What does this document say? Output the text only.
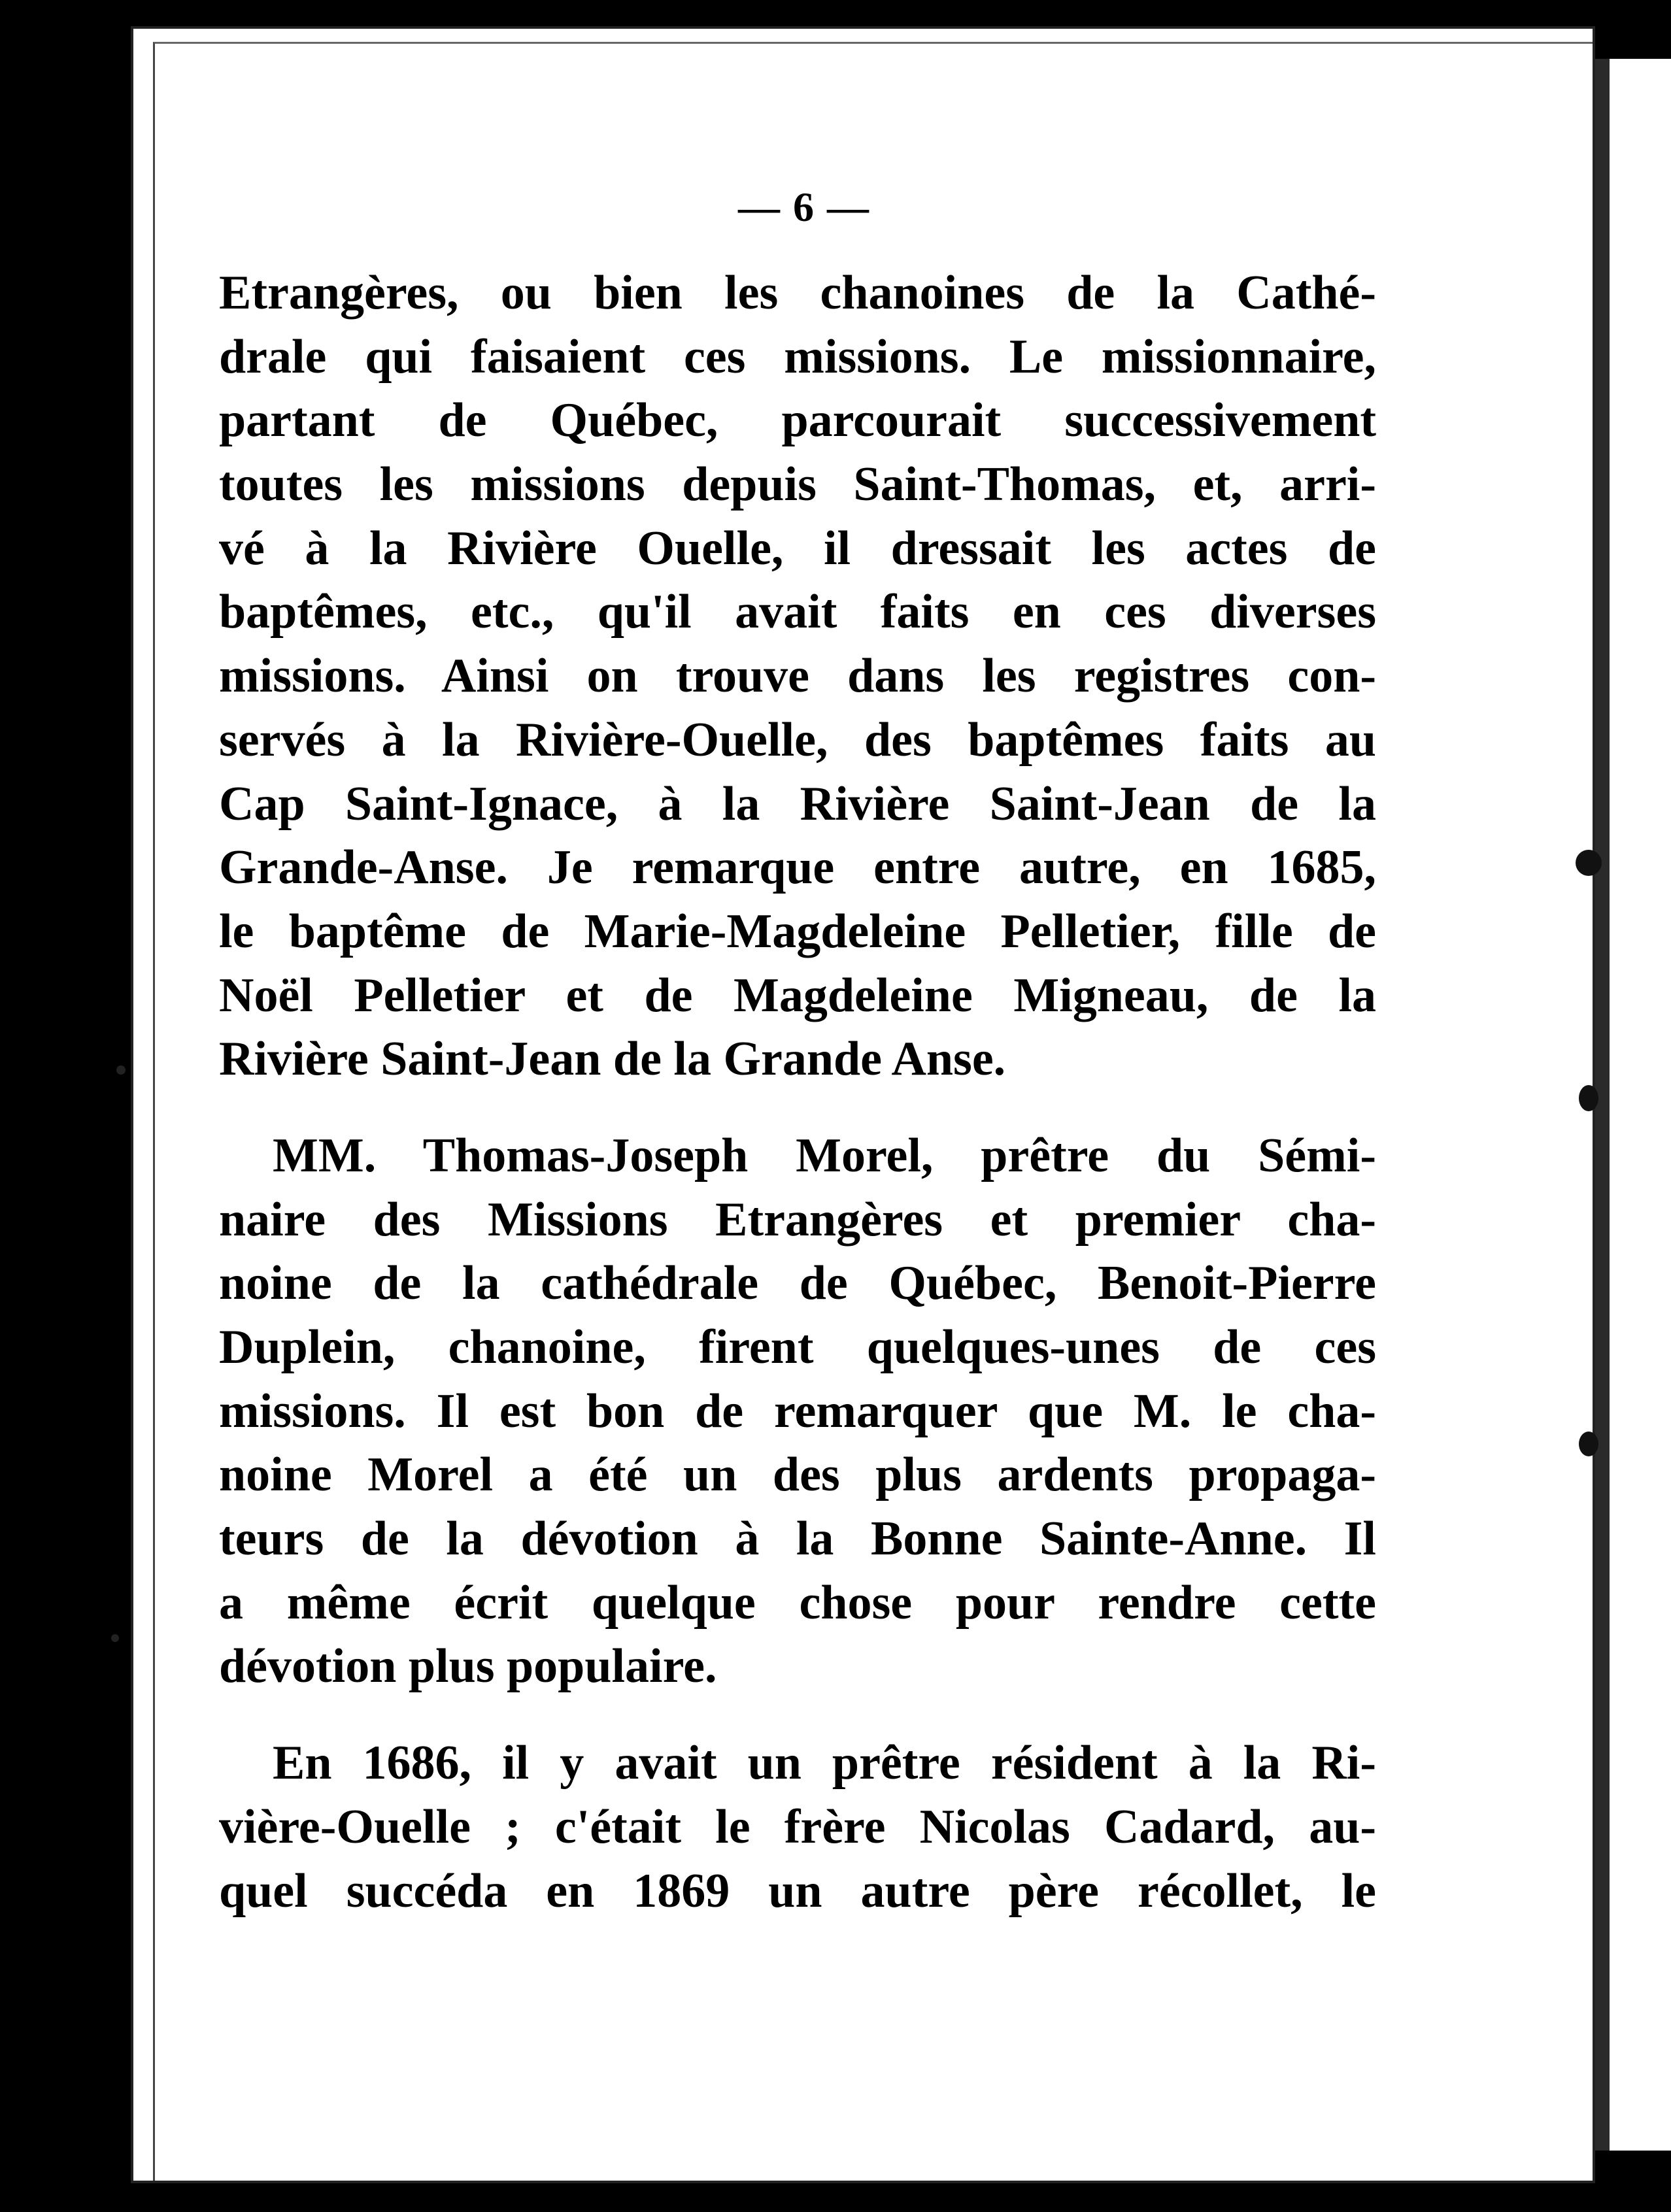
— 6 —
Etrangères, ou bien les chanoines de la Cathé-
drale qui faisaient ces missions. Le missionnaire,
partant de Québec, parcourait successivement
toutes les missions depuis Saint-Thomas, et, arri-
vé à la Rivière Ouelle, il dressait les actes de
baptêmes, etc., qu'il avait faits en ces diverses
missions. Ainsi on trouve dans les registres con-
servés à la Rivière-Ouelle, des baptêmes faits au
Cap Saint-Ignace, à la Rivière Saint-Jean de la
Grande-Anse. Je remarque entre autre, en 1685,
le baptême de Marie-Magdeleine Pelletier, fille de
Noël Pelletier et de Magdeleine Migneau, de la
Rivière Saint-Jean de la Grande Anse.
MM. Thomas-Joseph Morel, prêtre du Sémi-
naire des Missions Etrangères et premier cha-
noine de la cathédrale de Québec, Benoit-Pierre
Duplein, chanoine, firent quelques-unes de ces
missions. Il est bon de remarquer que M. le cha-
noine Morel a été un des plus ardents propaga-
teurs de la dévotion à la Bonne Sainte-Anne. Il
a même écrit quelque chose pour rendre cette
dévotion plus populaire.
En 1686, il y avait un prêtre résident à la Ri-
vière-Ouelle ; c'était le frère Nicolas Cadard, au-
quel succéda en 1869 un autre père récollet, le
